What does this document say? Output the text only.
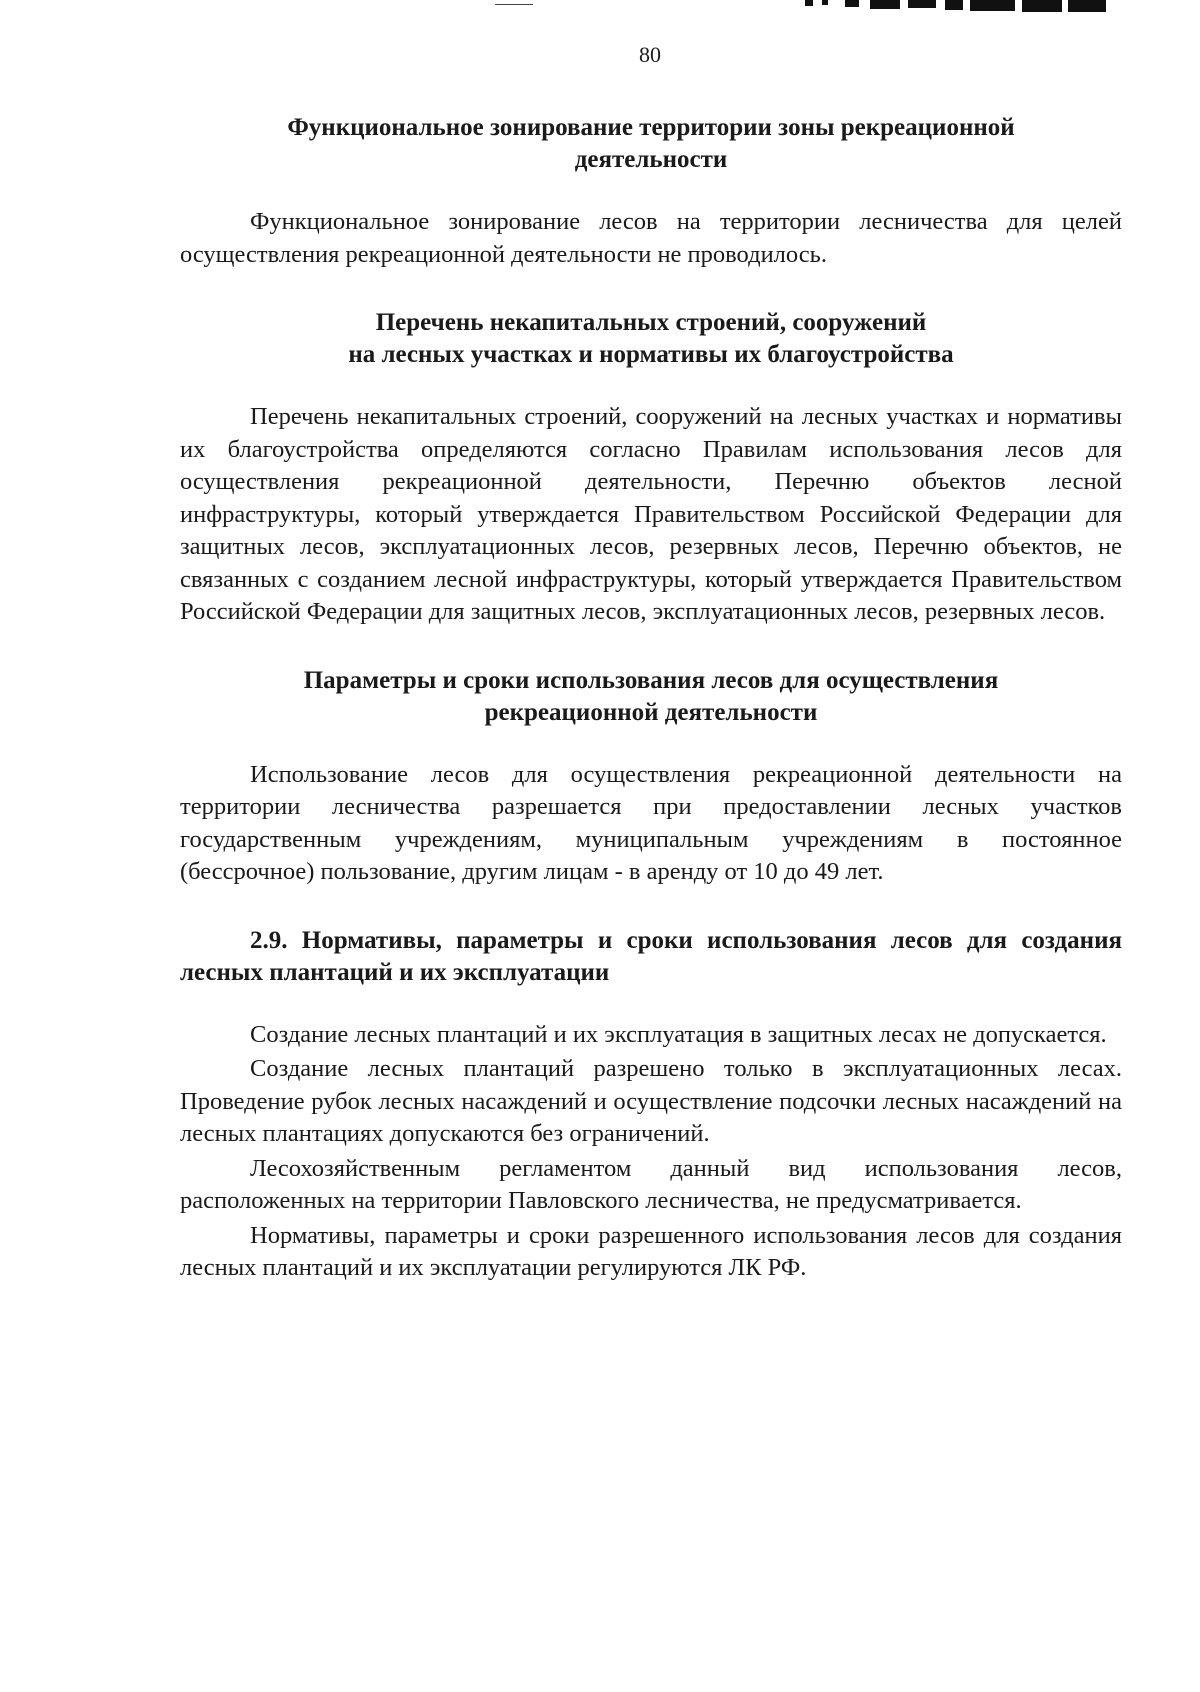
80

Функциональное зонирование территории зоны рекреационной
деятельности

Функциональное зонирование лесов на территории лесничества для целей осуществления рекреационной деятельности не проводилось.

Перечень некапитальных строений, сооружений
на лесных участках и нормативы их благоустройства

Перечень некапитальных строений, сооружений на лесных участках и нормативы их благоустройства определяются согласно Правилам использования лесов для осуществления рекреационной деятельности, Перечню объектов лесной инфраструктуры, который утверждается Правительством Российской Федерации для защитных лесов, эксплуатационных лесов, резервных лесов, Перечню объектов, не связанных с созданием лесной инфраструктуры, который утверждается Правительством Российской Федерации для защитных лесов, эксплуатационных лесов, резервных лесов.

Параметры и сроки использования лесов для осуществления
рекреационной деятельности

Использование лесов для осуществления рекреационной деятельности на территории лесничества разрешается при предоставлении лесных участков государственным учреждениям, муниципальным учреждениям в постоянное (бессрочное) пользование, другим лицам - в аренду от 10 до 49 лет.

2.9. Нормативы, параметры и сроки использования лесов для создания лесных плантаций и их эксплуатации

Создание лесных плантаций и их эксплуатация в защитных лесах не допускается.

Создание лесных плантаций разрешено только в эксплуатационных лесах. Проведение рубок лесных насаждений и осуществление подсочки лесных насаждений на лесных плантациях допускаются без ограничений.

Лесохозяйственным регламентом данный вид использования лесов, расположенных на территории Павловского лесничества, не предусматривается.

Нормативы, параметры и сроки разрешенного использования лесов для создания лесных плантаций и их эксплуатации регулируются ЛК РФ.
